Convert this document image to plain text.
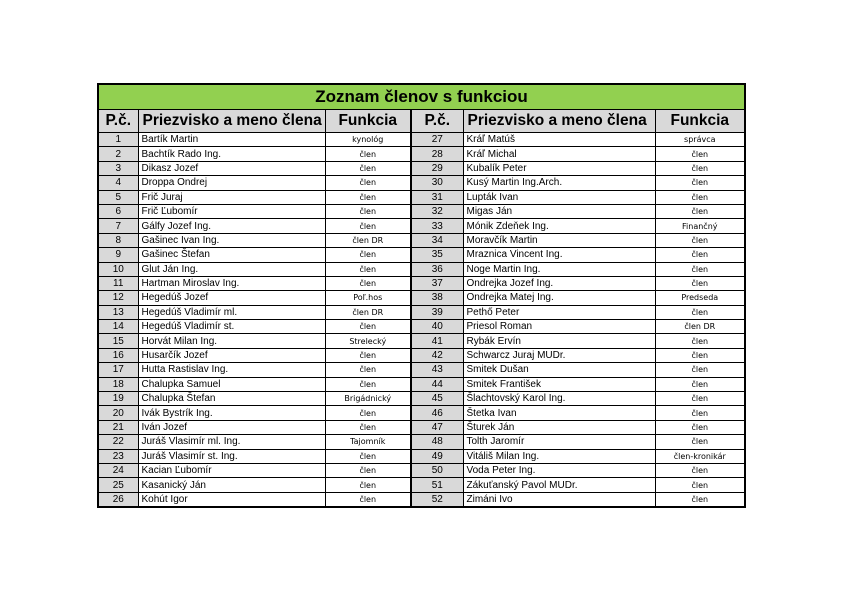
Zoznam členov s funkciou					
P.č.	Priezvisko a meno člena	Funkcia	P.č.	Priezvisko a meno člena	Funkcia
1	Bartík Martin	kynológ	27	Kráľ Matúš	správca
2	Bachtík Rado Ing.	člen	28	Kráľ Michal	člen
3	Dikasz Jozef	člen	29	Kubalík Peter	člen
4	Droppa Ondrej	člen	30	Kusý Martin Ing.Arch.	člen
5	Frič Juraj	člen	31	Lupták Ivan	člen
6	Frič Ľubomír	člen	32	Migas Ján	člen
7	Gálfy Jozef Ing.	člen	33	Mónik Zdeňek Ing.	Finančný
8	Gašinec Ivan Ing.	člen DR	34	Moravčík Martin	člen
9	Gašinec Štefan	člen	35	Mraznica Vincent Ing.	člen
10	Glut Ján Ing.	člen	36	Noge Martin Ing.	člen
11	Hartman Miroslav Ing.	člen	37	Ondrejka Jozef Ing.	člen
12	Hegedúš Jozef	Poľ.hos	38	Ondrejka Matej Ing.	Predseda
13	Hegedúš Vladimír ml.	člen DR	39	Pethő Peter	člen
14	Hegedúš Vladimír st.	člen	40	Priesol Roman	člen DR
15	Horvát Milan Ing.	Strelecký	41	Rybák Ervín	člen
16	Husarčík Jozef	člen	42	Schwarcz Juraj MUDr.	člen
17	Hutta Rastislav Ing.	člen	43	Smitek Dušan	člen
18	Chalupka Samuel	člen	44	Smitek František	člen
19	Chalupka Štefan	Brigádnický	45	Šlachtovský Karol Ing.	člen
20	Ivák Bystrík Ing.	člen	46	Štetka Ivan	člen
21	Iván Jozef	člen	47	Šturek Ján	člen
22	Juráš Vlasimír ml. Ing.	Tajomník	48	Tolth Jaromír	člen
23	Juráš Vlasimír st. Ing.	člen	49	Vitáliš Milan Ing.	člen-kronikár
24	Kacian Ľubomír	člen	50	Voda Peter Ing.	člen
25	Kasanický Ján	člen	51	Zákuťanský Pavol MUDr.	člen
26	Kohút Igor	člen	52	Zimáni Ivo	člen
